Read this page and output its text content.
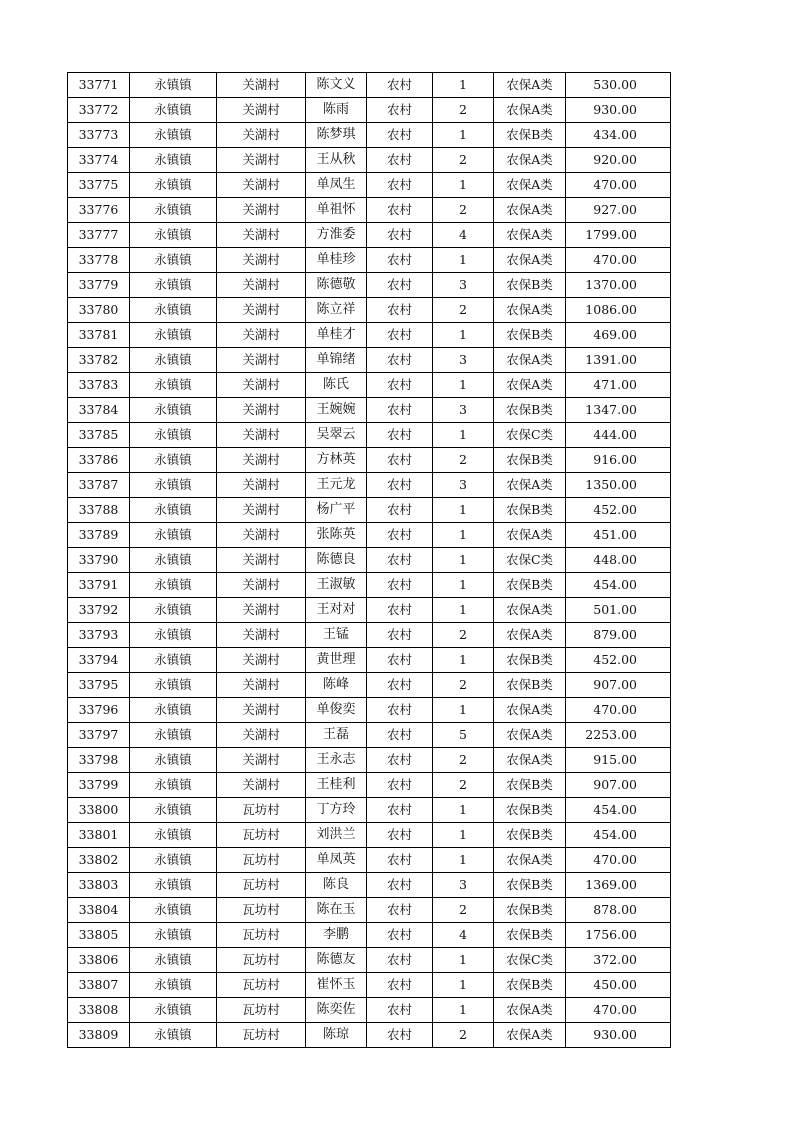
33771	永镇镇	关湖村	陈文义	农村	1	农保A类	530.00
33772	永镇镇	关湖村	陈雨	农村	2	农保A类	930.00
33773	永镇镇	关湖村	陈梦琪	农村	1	农保B类	434.00
33774	永镇镇	关湖村	王从秋	农村	2	农保A类	920.00
33775	永镇镇	关湖村	单凤生	农村	1	农保A类	470.00
33776	永镇镇	关湖村	单祖怀	农村	2	农保A类	927.00
33777	永镇镇	关湖村	方淮委	农村	4	农保A类	1799.00
33778	永镇镇	关湖村	单桂珍	农村	1	农保A类	470.00
33779	永镇镇	关湖村	陈德敬	农村	3	农保B类	1370.00
33780	永镇镇	关湖村	陈立祥	农村	2	农保A类	1086.00
33781	永镇镇	关湖村	单桂才	农村	1	农保B类	469.00
33782	永镇镇	关湖村	单锦绪	农村	3	农保A类	1391.00
33783	永镇镇	关湖村	陈氏	农村	1	农保A类	471.00
33784	永镇镇	关湖村	王婉婉	农村	3	农保B类	1347.00
33785	永镇镇	关湖村	吴翠云	农村	1	农保C类	444.00
33786	永镇镇	关湖村	方林英	农村	2	农保B类	916.00
33787	永镇镇	关湖村	王元龙	农村	3	农保A类	1350.00
33788	永镇镇	关湖村	杨广平	农村	1	农保B类	452.00
33789	永镇镇	关湖村	张陈英	农村	1	农保A类	451.00
33790	永镇镇	关湖村	陈德良	农村	1	农保C类	448.00
33791	永镇镇	关湖村	王淑敏	农村	1	农保B类	454.00
33792	永镇镇	关湖村	王对对	农村	1	农保A类	501.00
33793	永镇镇	关湖村	王锰	农村	2	农保A类	879.00
33794	永镇镇	关湖村	黄世理	农村	1	农保B类	452.00
33795	永镇镇	关湖村	陈峰	农村	2	农保B类	907.00
33796	永镇镇	关湖村	单俊奕	农村	1	农保A类	470.00
33797	永镇镇	关湖村	王磊	农村	5	农保A类	2253.00
33798	永镇镇	关湖村	王永志	农村	2	农保A类	915.00
33799	永镇镇	关湖村	王桂利	农村	2	农保B类	907.00
33800	永镇镇	瓦坊村	丁方玲	农村	1	农保B类	454.00
33801	永镇镇	瓦坊村	刘洪兰	农村	1	农保B类	454.00
33802	永镇镇	瓦坊村	单凤英	农村	1	农保A类	470.00
33803	永镇镇	瓦坊村	陈良	农村	3	农保B类	1369.00
33804	永镇镇	瓦坊村	陈在玉	农村	2	农保B类	878.00
33805	永镇镇	瓦坊村	李鹏	农村	4	农保B类	1756.00
33806	永镇镇	瓦坊村	陈德友	农村	1	农保C类	372.00
33807	永镇镇	瓦坊村	崔怀玉	农村	1	农保B类	450.00
33808	永镇镇	瓦坊村	陈奕佐	农村	1	农保A类	470.00
33809	永镇镇	瓦坊村	陈琼	农村	2	农保A类	930.00
